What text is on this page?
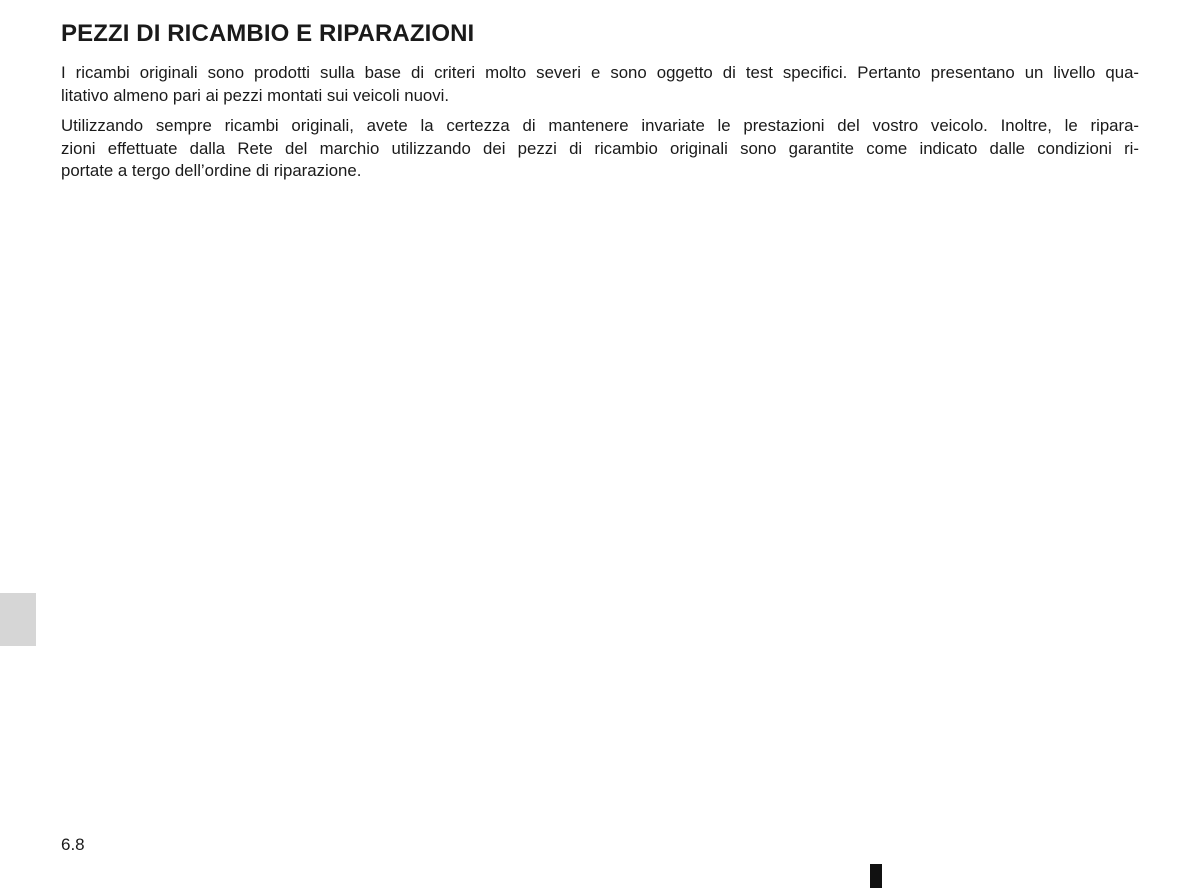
PEZZI DI RICAMBIO E RIPARAZIONI

I ricambi originali sono prodotti sulla base di criteri molto severi e sono oggetto di test specifici. Pertanto presentano un livello qua-
litativo almeno pari ai pezzi montati sui veicoli nuovi.

Utilizzando sempre ricambi originali, avete la certezza di mantenere invariate le prestazioni del vostro veicolo. Inoltre, le ripara-
zioni effettuate dalla Rete del marchio utilizzando dei pezzi di ricambio originali sono garantite come indicato dalle condizioni ri-
portate a tergo dell’ordine di riparazione.

6.8
